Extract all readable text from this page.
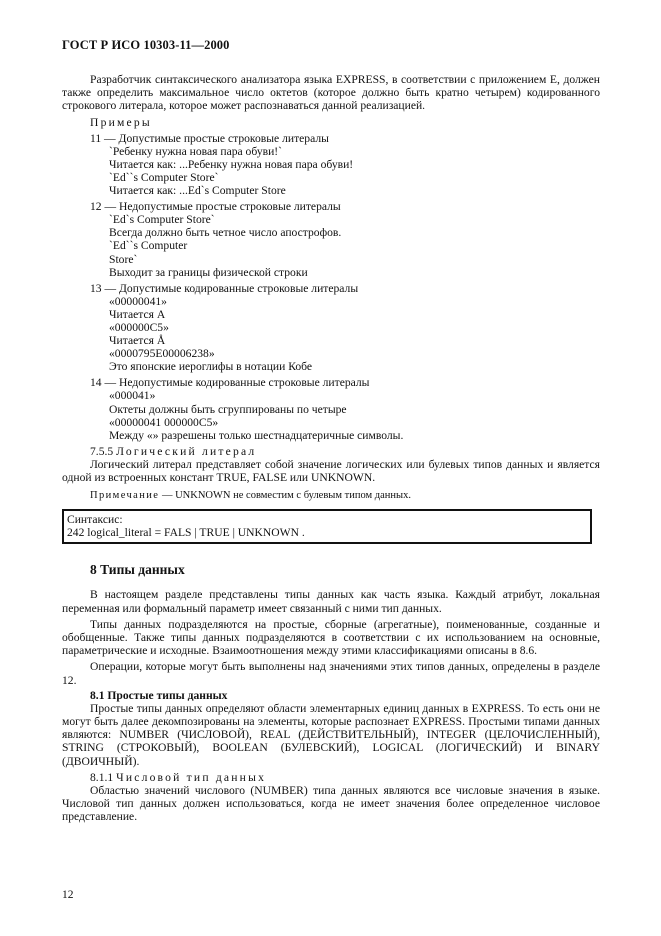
ГОСТ Р ИСО 10303-11—2000

Разработчик синтаксического анализатора языка EXPRESS, в соответствии с приложением Е, должен также определить максимальное число октетов (которое должно быть кратно четырем) кодированного строкового литерала, которое может распознаваться данной реализацией.

Примеры
11 — Допустимые простые строковые литералы
`Ребенку нужна новая пара обуви!`
Читается как: ...Ребенку нужна новая пара обуви!
`Ed``s Computer Store`
Читается как: ...Ed`s Computer Store
12 — Недопустимые простые строковые литералы
`Ed`s Computer Store`
Всегда должно быть четное число апострофов.
`Ed``s Computer
Store`
Выходит за границы физической строки
13 — Допустимые кодированные строковые литералы
«00000041»
Читается А
«000000C5»
Читается Å
«0000795E00006238»
Это японские иероглифы в нотации Кобе
14 — Недопустимые кодированные строковые литералы
«000041»
Октеты должны быть сгруппированы по четыре
«00000041 000000C5»
Между «» разрешены только шестнадцатеричные символы.
7.5.5 Логический литерал

Логический литерал представляет собой значение логических или булевых типов данных и является одной из встроенных констант TRUE, FALSE или UNKNOWN.

Примечание — UNKNOWN не совместим с булевым типом данных.
Синтаксис:
242 logical_literal = FALS | TRUE | UNKNOWN .
8 Типы данных

В настоящем разделе представлены типы данных как часть языка. Каждый атрибут, локальная переменная или формальный параметр имеет связанный с ними тип данных.

Типы данных подразделяются на простые, сборные (агрегатные), поименованные, созданные и обобщенные. Также типы данных подразделяются в соответствии с их использованием на основные, параметрические и исходные. Взаимоотношения между этими классификациями описаны в 8.6.

Операции, которые могут быть выполнены над значениями этих типов данных, определены в разделе 12.

8.1 Простые типы данных

Простые типы данных определяют области элементарных единиц данных в EXPRESS. То есть они не могут быть далее декомпозированы на элементы, которые распознает EXPRESS. Простыми типами данных являются: NUMBER (ЧИСЛОВОЙ), REAL (ДЕЙСТВИТЕЛЬНЫЙ), INTEGER (ЦЕЛОЧИСЛЕННЫЙ), STRING (СТРОКОВЫЙ), BOOLEAN (БУЛЕВСКИЙ), LOGICAL (ЛОГИЧЕСКИЙ) И BINARY (ДВОИЧНЫЙ).

8.1.1 Числовой тип данных

Областью значений числового (NUMBER) типа данных являются все числовые значения в языке. Числовой тип данных должен использоваться, когда не имеет значения более определенное числовое представление.

12
